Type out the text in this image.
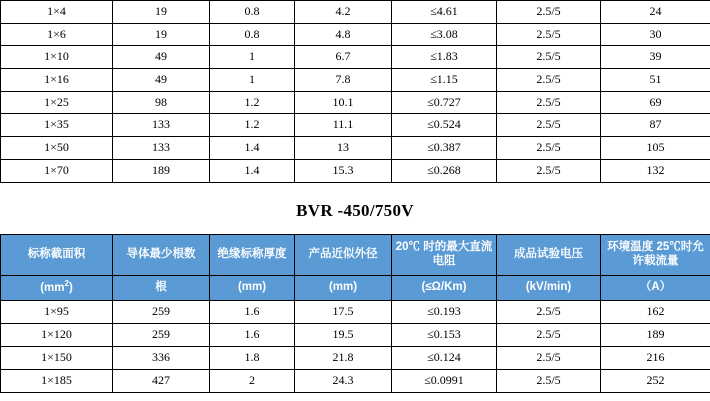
1×4	19	0.8	4.2	≤4.61	2.5/5	24
1×6	19	0.8	4.8	≤3.08	2.5/5	30
1×10	49	1	6.7	≤1.83	2.5/5	39
1×16	49	1	7.8	≤1.15	2.5/5	51
1×25	98	1.2	10.1	≤0.727	2.5/5	69
1×35	133	1.2	11.1	≤0.524	2.5/5	87
1×50	133	1.4	13	≤0.387	2.5/5	105
1×70	189	1.4	15.3	≤0.268	2.5/5	132
BVR -450/750V
标称截面积	导体最少根数	绝缘标称厚度	产品近似外径	20℃ 时的最大直流电阻	成品试验电压	环境温度 25℃时允许载流量
$(mm^2)$	根	(mm)	(mm)	(≤Ω/Km)	(kV/min)	（A）
1×95	259	1.6	17.5	≤0.193	2.5/5	162
1×120	259	1.6	19.5	≤0.153	2.5/5	189
1×150	336	1.8	21.8	≤0.124	2.5/5	216
1×185	427	2	24.3	≤0.0991	2.5/5	252
